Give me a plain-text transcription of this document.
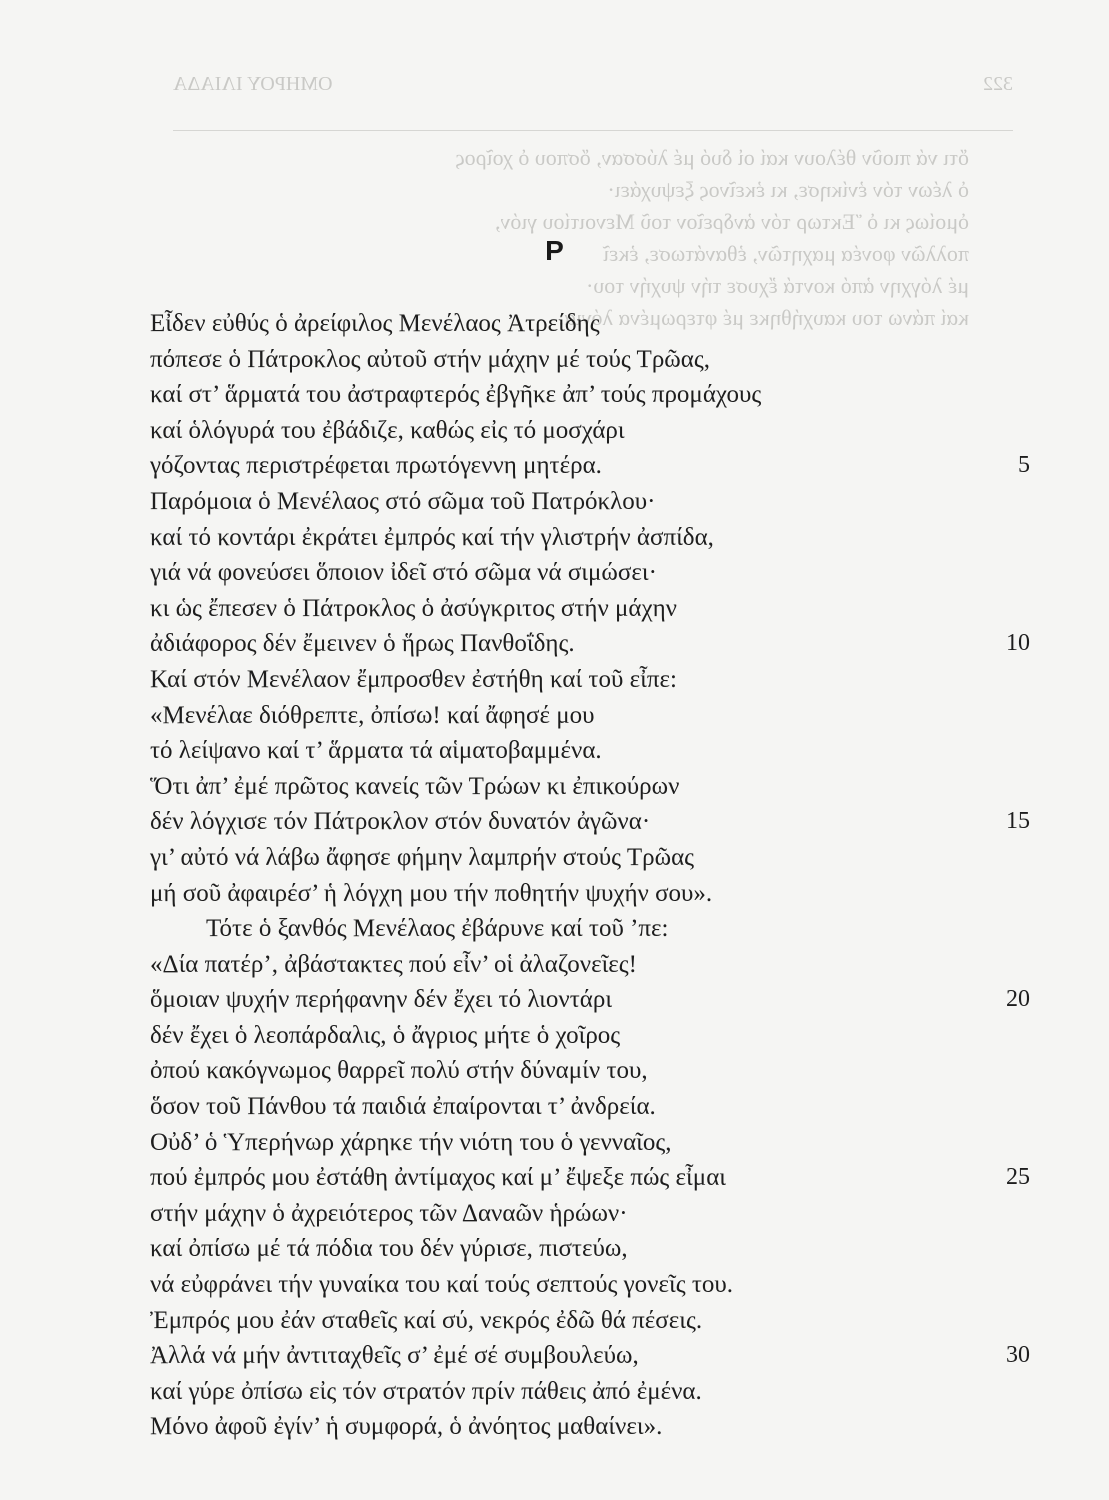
322
ΟΜΗΡΟΥ ΙΛΙΑΔΑ
ὅτι νά πιοῦν θέλουν καί οἱ δυό μέ λύσσαν, ὅσπου ὁ χοῖρος
ὁ λέων τόν ἐνίκησε, κι ἐκεῖνος ξεψυχάει·
ὁμοίως κι ὁ Ἕκτωρ τόν ἀνδρεῖον τοῦ Μενοιτίου γιόν,
πολλῶν φονέα μαχητῶν, ἐθανάτωσε, ἐκεῖ
μέ λόγχην ἀπό κοντά ἔχυσε τήν ψυχήν του·
καί πάνω του καυχήθηκε μέ φτερωμένα λόγια:
Ρ
Εἶδεν εὐθύς ὁ ἀρείφιλος Μενέλαος Ἀτρείδης
πόπεσε ὁ Πάτροκλος αὐτοῦ στήν μάχην μέ τούς Τρῶας,
καί στ’ ἅρματά του ἀστραφτερός ἐβγῆκε ἀπ’ τούς προμάχους
καί ὁλόγυρά του ἐβάδιζε, καθώς εἰς τό μοσχάρι
γόζοντας περιστρέφεται πρωτόγεννη μητέρα.	5
Παρόμοια ὁ Μενέλαος στό σῶμα τοῦ Πατρόκλου·
καί τό κοντάρι ἐκράτει ἐμπρός καί τήν γλιστρήν ἀσπίδα,
γιά νά φονεύσει ὅποιον ἰδεῖ στό σῶμα νά σιμώσει·
κι ὡς ἔπεσεν ὁ Πάτροκλος ὁ ἀσύγκριτος στήν μάχην
ἀδιάφορος δέν ἔμεινεν ὁ ἥρως Πανθοΐδης.	10
Καί στόν Μενέλαον ἔμπροσθεν ἐστήθη καί τοῦ εἶπε:
«Μενέλαε διόθρεπτε, ὀπίσω! καί ἄφησέ μου
τό λείψανο καί τ’ ἅρματα τά αἱματοβαμμένα.
Ὅτι ἀπ’ ἐμέ πρῶτος κανείς τῶν Τρώων κι ἐπικούρων
δέν λόγχισε τόν Πάτροκλον στόν δυνατόν ἀγῶνα·	15
γι’ αὐτό νά λάβω ἄφησε φήμην λαμπρήν στούς Τρῶας
μή σοῦ ἀφαιρέσ’ ἡ λόγχη μου τήν ποθητήν ψυχήν σου».
Τότε ὁ ξανθός Μενέλαος ἐβάρυνε καί τοῦ ’πε:
«Δία πατέρ’, ἀβάστακτες πού εἶν’ οἱ ἀλαζονεῖες!
ὅμοιαν ψυχήν περήφανην δέν ἔχει τό λιοντάρι	20
δέν ἔχει ὁ λεοπάρδαλις, ὁ ἄγριος μήτε ὁ χοῖρος
ὀπού κακόγνωμος θαρρεῖ πολύ στήν δύναμίν του,
ὅσον τοῦ Πάνθου τά παιδιά ἐπαίρονται τ’ ἀνδρεία.
Οὐδ’ ὁ Ὑπερήνωρ χάρηκε τήν νιότη του ὁ γενναῖος,
πού ἐμπρός μου ἐστάθη ἀντίμαχος καί μ’ ἔψεξε πώς εἶμαι	25
στήν μάχην ὁ ἀχρειότερος τῶν Δαναῶν ἡρώων·
καί ὀπίσω μέ τά πόδια του δέν γύρισε, πιστεύω,
νά εὐφράνει τήν γυναίκα του καί τούς σεπτούς γονεῖς του.
Ἐμπρός μου ἐάν σταθεῖς καί σύ, νεκρός ἐδῶ θά πέσεις.
Ἀλλά νά μήν ἀντιταχθεῖς σ’ ἐμέ σέ συμβουλεύω,	30
καί γύρε ὀπίσω εἰς τόν στρατόν πρίν πάθεις ἀπό ἐμένα.
Μόνο ἀφοῦ ἐγίν’ ἡ συμφορά, ὁ ἀνόητος μαθαίνει».
